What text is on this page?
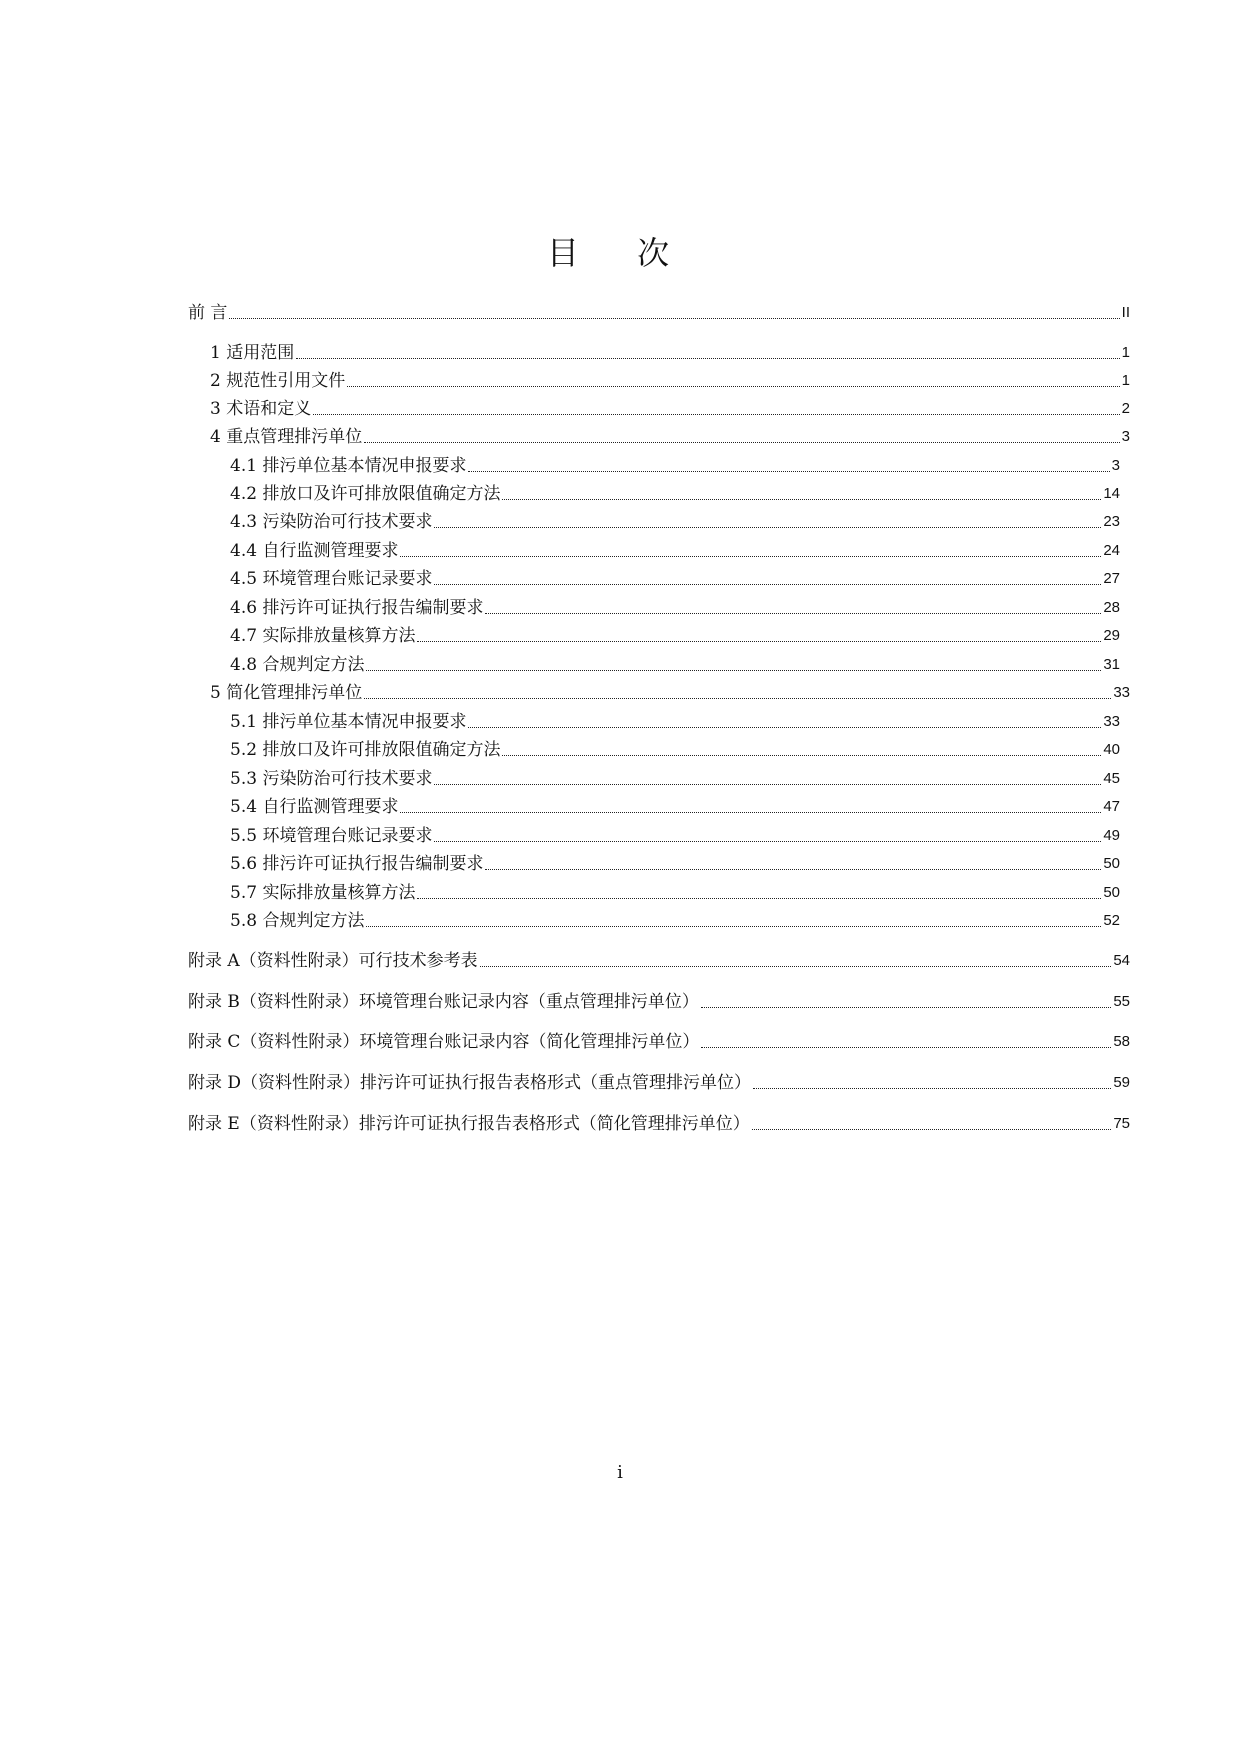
目 次
前 言	II
1 适用范围	1
2 规范性引用文件	1
3 术语和定义	2
4 重点管理排污单位	3
4.1 排污单位基本情况申报要求	3
4.2 排放口及许可排放限值确定方法	14
4.3 污染防治可行技术要求	23
4.4 自行监测管理要求	24
4.5 环境管理台账记录要求	27
4.6 排污许可证执行报告编制要求	28
4.7 实际排放量核算方法	29
4.8 合规判定方法	31
5 简化管理排污单位	33
5.1 排污单位基本情况申报要求	33
5.2 排放口及许可排放限值确定方法	40
5.3 污染防治可行技术要求	45
5.4 自行监测管理要求	47
5.5 环境管理台账记录要求	49
5.6 排污许可证执行报告编制要求	50
5.7 实际排放量核算方法	50
5.8 合规判定方法	52
附录 A（资料性附录）可行技术参考表	54
附录 B（资料性附录）环境管理台账记录内容（重点管理排污单位）	55
附录 C（资料性附录）环境管理台账记录内容（简化管理排污单位）	58
附录 D（资料性附录）排污许可证执行报告表格形式（重点管理排污单位）	59
附录 E（资料性附录）排污许可证执行报告表格形式（简化管理排污单位）	75
i
